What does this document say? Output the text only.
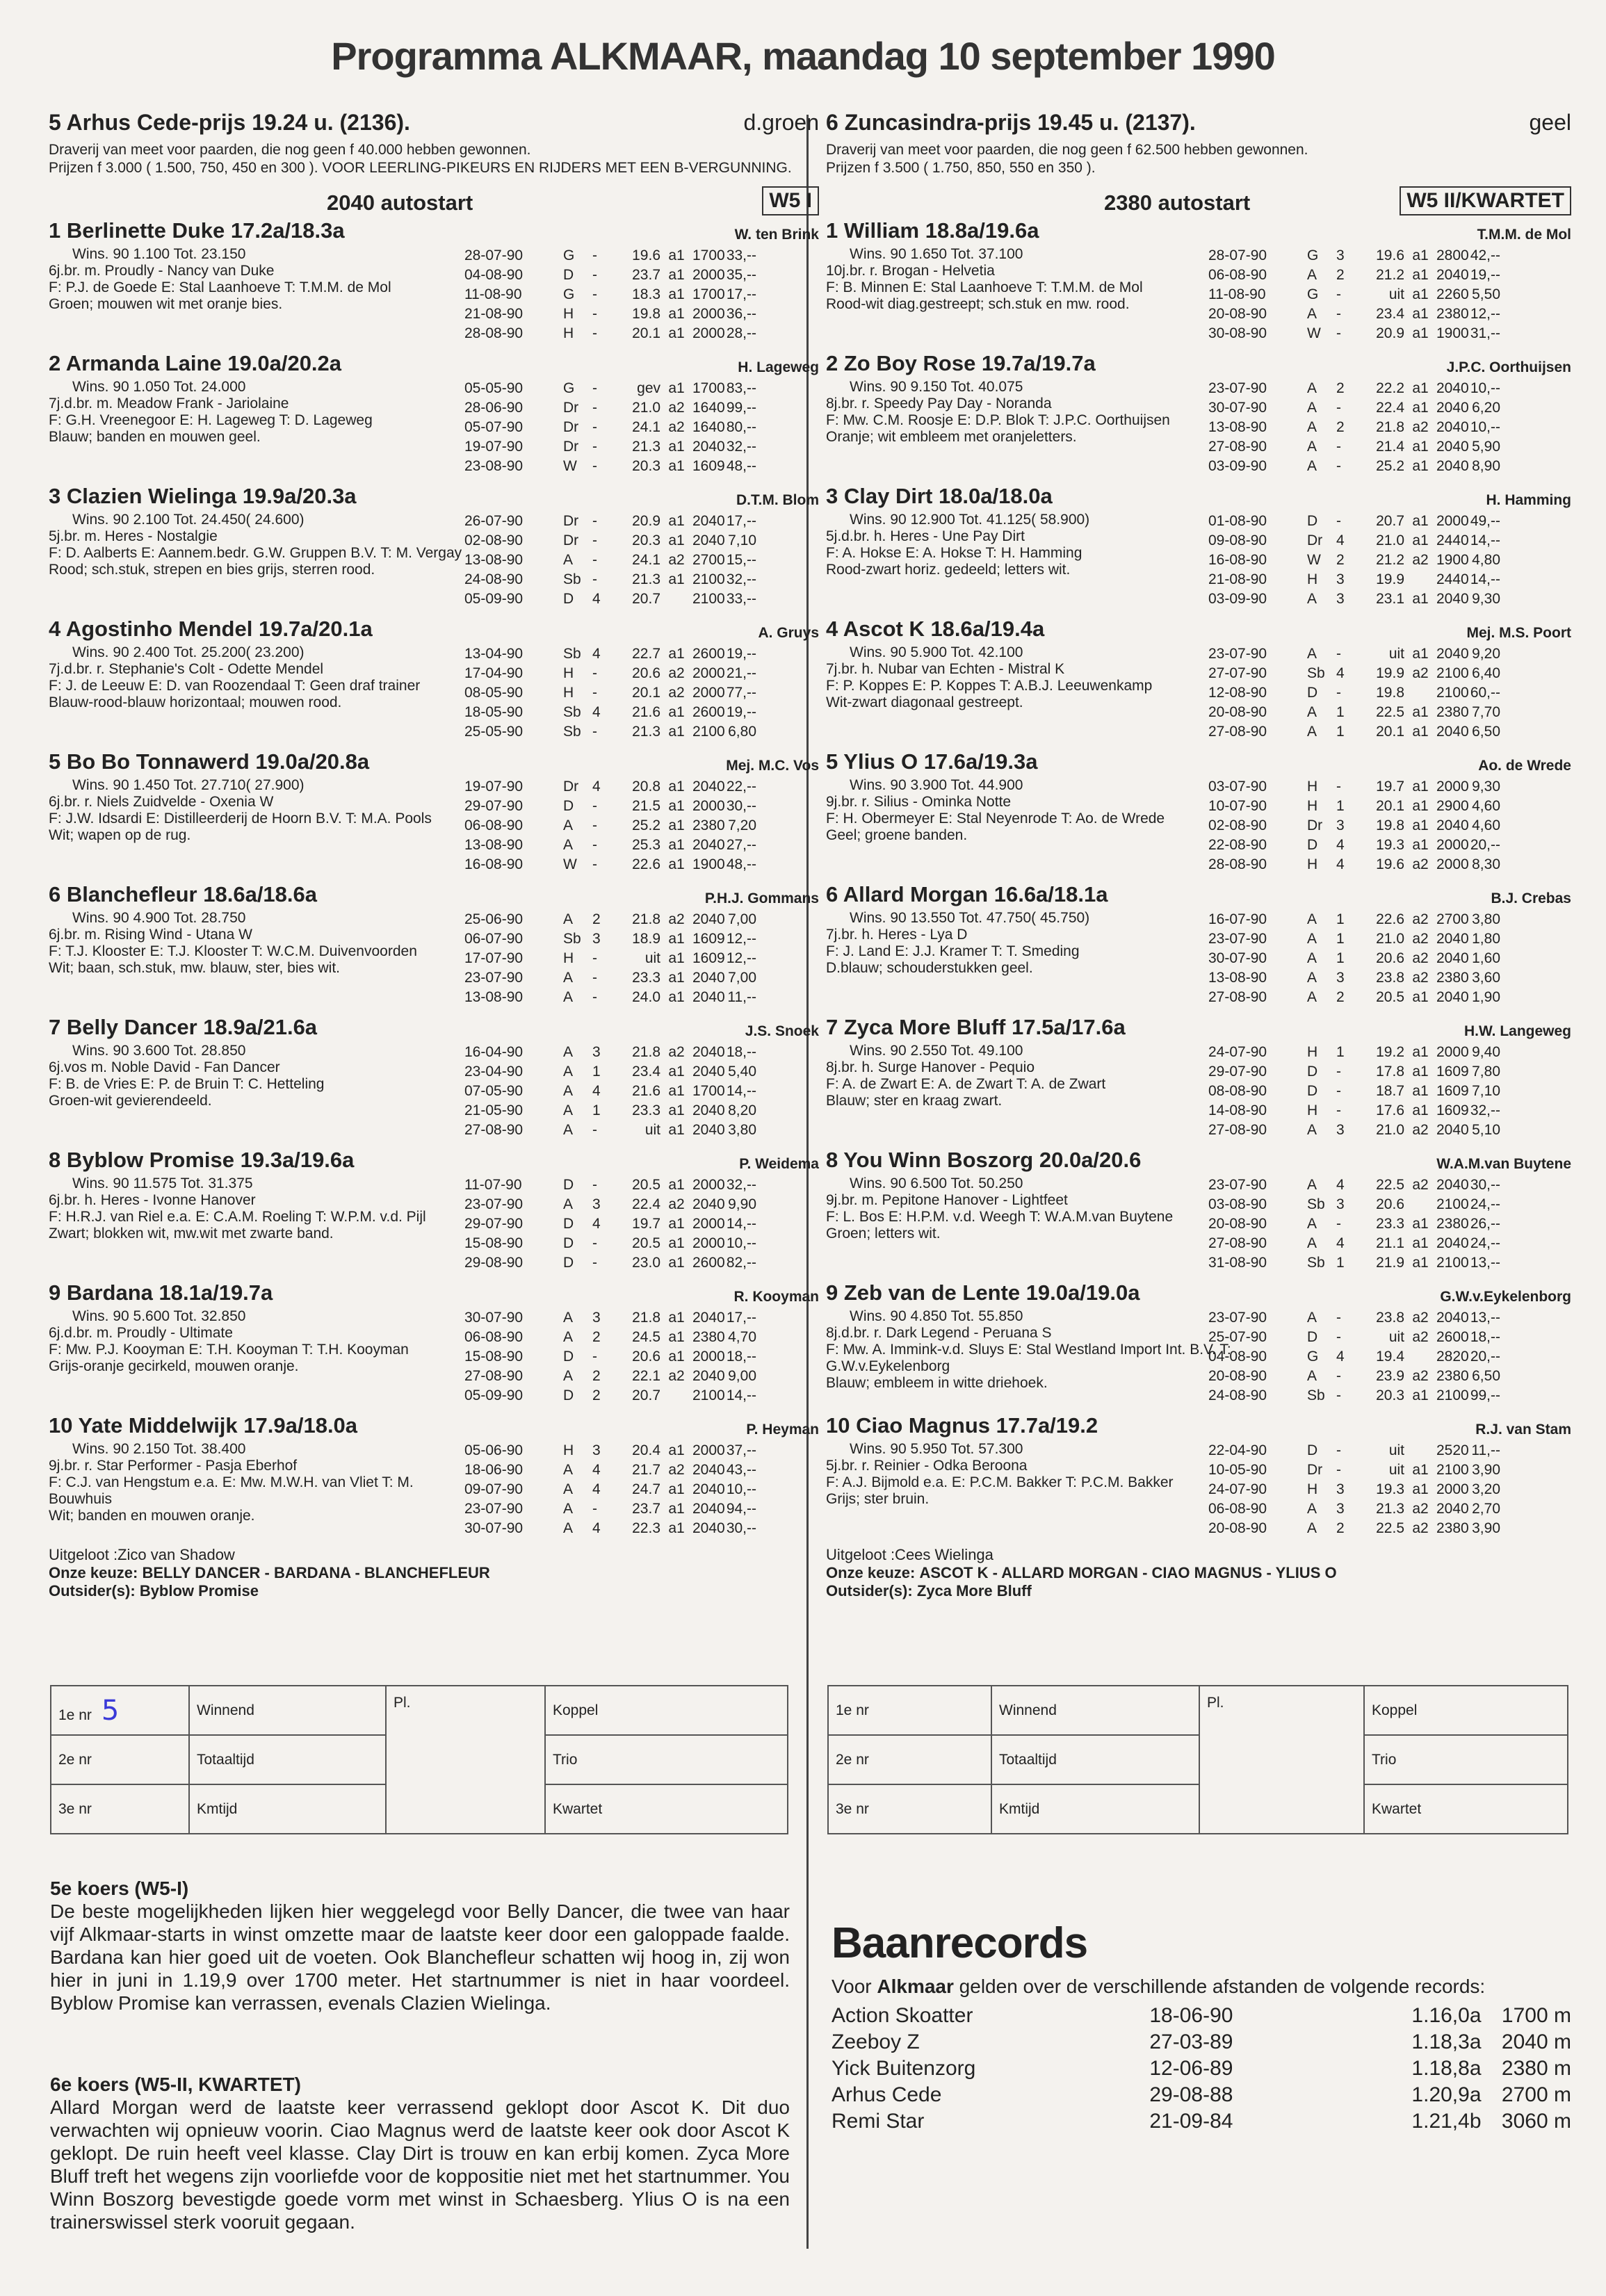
Programma ALKMAAR, maandag 10 september 1990
5 Arhus Cede-prijs 19.24 u. (2136).	d.groen
Draverij van meet voor paarden, die nog geen f 40.000 hebben gewonnen.
Prijzen f 3.000 ( 1.500, 750, 450 en 300 ). VOOR LEERLING-PIKEURS EN RIJDERS MET EEN B-VERGUNNING.
2040 autostart	W5 I
1 Berlinette Duke 17.2a/18.3a	W. ten Brink
Wins. 90 1.100 Tot. 23.150
6j.br. m. Proudly - Nancy van Duke
F: P.J. de Goede E: Stal Laanhoeve T: T.M.M. de Mol
Groen; mouwen wit met oranje bies.
28-07-90	G	-	19.6 a1 1700 33,--
04-08-90	D	-	23.7 a1 2000 35,--
11-08-90	G	-	18.3 a1 1700 17,--
21-08-90	H	-	19.8 a1 2000 36,--
28-08-90	H	-	20.1 a1 2000 28,--
2 Armanda Laine 19.0a/20.2a	H. Lageweg
Wins. 90 1.050 Tot. 24.000
7j.d.br. m. Meadow Frank - Jariolaine
F: G.H. Vreenegoor E: H. Lageweg T: D. Lageweg
Blauw; banden en mouwen geel.
05-05-90	G	-	gev a1 1700 83,--
28-06-90	Dr -	21.0 a2 1640 99,--
05-07-90	Dr -	24.1 a2 1640 80,--
19-07-90	Dr -	21.3 a1 2040 32,--
23-08-90	W	-	20.3 a1 1609 48,--
3 Clazien Wielinga 19.9a/20.3a	D.T.M. Blom
Wins. 90 2.100 Tot. 24.450( 24.600)
5j.br. m. Heres - Nostalgie
F: D. Aalberts E: Aannem.bedr. G.W. Gruppen B.V. T: M. Vergay
Rood; sch.stuk, strepen en bies grijs, sterren rood.
26-07-90	Dr -	20.9 a1 2040 17,--
02-08-90	Dr -	20.3 a1 2040 7,10
13-08-90	A	-	24.1 a2 2700 15,--
24-08-90	Sb -	21.3 a1 2100 32,--
05-09-90	D	4	20.7 2100 33,--
4 Agostinho Mendel 19.7a/20.1a	A. Gruys
Wins. 90 2.400 Tot. 25.200( 23.200)
7j.d.br. r. Stephanie's Colt - Odette Mendel
F: J. de Leeuw E: D. van Roozendaal T: Geen draf trainer
Blauw-rood-blauw horizontaal; mouwen rood.
13-04-90	Sb 4	22.7 a1 2600 19,--
17-04-90	H	-	20.6 a2 2000 21,--
08-05-90	H	-	20.1 a2 2000 77,--
18-05-90	Sb 4	21.6 a1 2600 19,--
25-05-90	Sb -	21.3 a1 2100 6,80
5 Bo Bo Tonnawerd 19.0a/20.8a	Mej. M.C. Vos
Wins. 90 1.450 Tot. 27.710( 27.900)
6j.br. r. Niels Zuidvelde - Oxenia W
F: J.W. Idsardi E: Distilleerderij de Hoorn B.V. T: M.A. Pools
Wit; wapen op de rug.
19-07-90	Dr 4	20.8 a1 2040 22,--
29-07-90	D	-	21.5 a1 2000 30,--
06-08-90	A	-	25.2 a1 2380 7,20
13-08-90	A	-	25.3 a1 2040 27,--
16-08-90	W	-	22.6 a1 1900 48,--
6 Blanchefleur 18.6a/18.6a	P.H.J. Gommans
Wins. 90 4.900 Tot. 28.750
6j.br. m. Rising Wind - Utana W
F: T.J. Klooster E: T.J. Klooster T: W.C.M. Duivenvoorden
Wit; baan, sch.stuk, mw. blauw, ster, bies wit.
25-06-90	A	2	21.8 a2 2040 7,00
06-07-90	Sb 3	18.9 a1 1609 12,--
17-07-90	H	-	uit a1 1609 12,--
23-07-90	A	-	23.3 a1 2040 7,00
13-08-90	A	-	24.0 a1 2040 11,--
7 Belly Dancer 18.9a/21.6a	J.S. Snoek
Wins. 90 3.600 Tot. 28.850
6j.vos m. Noble David - Fan Dancer
F: B. de Vries E: P. de Bruin T: C. Hetteling
Groen-wit gevierendeeld.
16-04-90	A	3	21.8 a2 2040 18,--
23-04-90	A	1	23.4 a1 2040 5,40
07-05-90	A	4	21.6 a1 1700 14,--
21-05-90	A	1	23.3 a1 2040 8,20
27-08-90	A	-	uit a1 2040 3,80
8 Byblow Promise 19.3a/19.6a	P. Weidema
Wins. 90 11.575 Tot. 31.375
6j.br. h. Heres - Ivonne Hanover
F: H.R.J. van Riel e.a. E: C.A.M. Roeling T: W.P.M. v.d. Pijl
Zwart; blokken wit, mw.wit met zwarte band.
11-07-90	D	-	20.5 a1 2000 32,--
23-07-90	A	3	22.4 a2 2040 9,90
29-07-90	D	4	19.7 a1 2000 14,--
15-08-90	D	-	20.5 a1 2000 10,--
29-08-90	D	-	23.0 a1 2600 82,--
9 Bardana 18.1a/19.7a	R. Kooyman
Wins. 90 5.600 Tot. 32.850
6j.d.br. m. Proudly - Ultimate
F: Mw. P.J. Kooyman E: T.H. Kooyman T: T.H. Kooyman
Grijs-oranje gecirkeld, mouwen oranje.
30-07-90	A	3	21.8 a1 2040 17,--
06-08-90	A	2	24.5 a1 2380 4,70
15-08-90	D	-	20.6 a1 2000 18,--
27-08-90	A	2	22.1 a2 2040 9,00
05-09-90	D	2	20.7 2100 14,--
10 Yate Middelwijk 17.9a/18.0a	P. Heyman
Wins. 90 2.150 Tot. 38.400
9j.br. r. Star Performer - Pasja Eberhof
F: C.J. van Hengstum e.a. E: Mw. M.W.H. van Vliet T: M. Bouwhuis
Wit; banden en mouwen oranje.
05-06-90	H	3	20.4 a1 2000 37,--
18-06-90	A	4	21.7 a2 2040 43,--
09-07-90	A	4	24.7 a1 2040 10,--
23-07-90	A	-	23.7 a1 2040 94,--
30-07-90	A	4	22.3 a1 2040 30,--
Uitgeloot :Zico van Shadow
Onze keuze: BELLY DANCER - BARDANA - BLANCHEFLEUR
Outsider(s): Byblow Promise
6 Zuncasindra-prijs 19.45 u. (2137).	geel
Draverij van meet voor paarden, die nog geen f 62.500 hebben gewonnen.
Prijzen f 3.500 ( 1.750, 850, 550 en 350 ).
2380 autostart	W5 II/KWARTET
1 William 18.8a/19.6a	T.M.M. de Mol
Wins. 90 1.650 Tot. 37.100
10j.br. r. Brogan - Helvetia
F: B. Minnen E: Stal Laanhoeve T: T.M.M. de Mol
Rood-wit diag.gestreept; sch.stuk en mw. rood.
28-07-90	G	3	19.6 a1 2800 42,--
06-08-90	A	2	21.2 a1 2040 19,--
11-08-90	G	-	uit a1 2260 5,50
20-08-90	A	-	23.4 a1 2380 12,--
30-08-90	W	-	20.9 a1 1900 31,--
2 Zo Boy Rose 19.7a/19.7a	J.P.C. Oorthuijsen
Wins. 90 9.150 Tot. 40.075
8j.br. r. Speedy Pay Day - Noranda
F: Mw. C.M. Roosje E: D.P. Blok T: J.P.C. Oorthuijsen
Oranje; wit embleem met oranjeletters.
23-07-90	A	2	22.2 a1 2040 10,--
30-07-90	A	-	22.4 a1 2040 6,20
13-08-90	A	2	21.8 a2 2040 10,--
27-08-90	A	-	21.4 a1 2040 5,90
03-09-90	A	-	25.2 a1 2040 8,90
3 Clay Dirt 18.0a/18.0a	H. Hamming
Wins. 90 12.900 Tot. 41.125( 58.900)
5j.d.br. h. Heres - Une Pay Dirt
F: A. Hokse E: A. Hokse T: H. Hamming
Rood-zwart horiz. gedeeld; letters wit.
01-08-90	D	-	20.7 a1 2000 49,--
09-08-90	Dr 4	21.0 a1 2440 14,--
16-08-90	W	2	21.2 a2 1900 4,80
21-08-90	H	3	19.9 2440 14,--
03-09-90	A	3	23.1 a1 2040 9,30
4 Ascot K 18.6a/19.4a	Mej. M.S. Poort
Wins. 90 5.900 Tot. 42.100
7j.br. h. Nubar van Echten - Mistral K
F: P. Koppes E: P. Koppes T: A.B.J. Leeuwenkamp
Wit-zwart diagonaal gestreept.
23-07-90	A	-	uit a1 2040 9,20
27-07-90	Sb 4	19.9 a2 2100 6,40
12-08-90	D	-	19.8 2100 60,--
20-08-90	A	1	22.5 a1 2380 7,70
27-08-90	A	1	20.1 a1 2040 6,50
5 Ylius O 17.6a/19.3a	Ao. de Wrede
Wins. 90 3.900 Tot. 44.900
9j.br. r. Silius - Ominka Notte
F: H. Obermeyer E: Stal Neyenrode T: Ao. de Wrede
Geel; groene banden.
03-07-90	H	-	19.7 a1 2000 9,30
10-07-90	H	1	20.1 a1 2900 4,60
02-08-90	Dr 3	19.8 a1 2040 4,60
22-08-90	D	4	19.3 a1 2000 20,--
28-08-90	H	4	19.6 a2 2000 8,30
6 Allard Morgan 16.6a/18.1a	B.J. Crebas
Wins. 90 13.550 Tot. 47.750( 45.750)
7j.br. h. Heres - Lya D
F: J. Land E: J.J. Kramer T: T. Smeding
D.blauw; schouderstukken geel.
16-07-90	A	1	22.6 a2 2700 3,80
23-07-90	A	1	21.0 a2 2040 1,80
30-07-90	A	1	20.6 a2 2040 1,60
13-08-90	A	3	23.8 a2 2380 3,60
27-08-90	A	2	20.5 a1 2040 1,90
7 Zyca More Bluff 17.5a/17.6a	H.W. Langeweg
Wins. 90 2.550 Tot. 49.100
8j.br. h. Surge Hanover - Pequio
F: A. de Zwart E: A. de Zwart T: A. de Zwart
Blauw; ster en kraag zwart.
24-07-90	H	1	19.2 a1 2000 9,40
29-07-90	D	-	17.8 a1 1609 7,80
08-08-90	D	-	18.7 a1 1609 7,10
14-08-90	H	-	17.6 a1 1609 32,--
27-08-90	A	3	21.0 a2 2040 5,10
8 You Winn Boszorg 20.0a/20.6	W.A.M.van Buytene
Wins. 90 6.500 Tot. 50.250
9j.br. m. Pepitone Hanover - Lightfeet
F: L. Bos E: H.P.M. v.d. Weegh T: W.A.M.van Buytene
Groen; letters wit.
23-07-90	A	4	22.5 a2 2040 30,--
03-08-90	Sb 3	20.6 2100 24,--
20-08-90	A	-	23.3 a1 2380 26,--
27-08-90	A	4	21.1 a1 2040 24,--
31-08-90	Sb 1	21.9 a1 2100 13,--
9 Zeb van de Lente 19.0a/19.0a	G.W.v.Eykelenborg
Wins. 90 4.850 Tot. 55.850
8j.d.br. r. Dark Legend - Peruana S
F: Mw. A. Immink-v.d. Sluys E: Stal Westland Import Int. B.V. T: G.W.v.Eykelenborg
Blauw; embleem in witte driehoek.
23-07-90	A	-	23.8 a2 2040 13,--
25-07-90	D	-	uit a2 2600 18,--
04-08-90	G	4	19.4 2820 20,--
20-08-90	A	-	23.9 a2 2380 6,50
24-08-90	Sb -	20.3 a1 2100 99,--
10 Ciao Magnus 17.7a/19.2	R.J. van Stam
Wins. 90 5.950 Tot. 57.300
5j.br. r. Reinier - Odka Beroona
F: A.J. Bijmold e.a. E: P.C.M. Bakker T: P.C.M. Bakker
Grijs; ster bruin.
22-04-90	D	-	uit 2520 11,--
10-05-90	Dr -	uit a1 2100 3,90
24-07-90	H	3	19.3 a1 2000 3,20
06-08-90	A	3	21.3 a2 2040 2,70
20-08-90	A	2	22.5 a2 2380 3,90
Uitgeloot :Cees Wielinga
Onze keuze: ASCOT K - ALLARD MORGAN - CIAO MAGNUS - YLIUS O
Outsider(s): Zyca More Bluff
1e nr 5	Winnend	Pl.	Koppel
2e nr	Totaaltijd		Trio
3e nr	Kmtijd		Kwartet
1e nr	Winnend	Pl.	Koppel
2e nr	Totaaltijd		Trio
3e nr	Kmtijd		Kwartet
5e koers (W5-I)

De beste mogelijkheden lijken hier weggelegd voor Belly Dancer, die twee van haar vijf Alkmaar-starts in winst omzette maar de laatste keer door een galoppade faalde. Bardana kan hier goed uit de voeten. Ook Blanchefleur schatten wij hoog in, zij won hier in juni in 1.19,9 over 1700 meter. Het startnummer is niet in haar voordeel. Byblow Promise kan verrassen, evenals Clazien Wielinga.

6e koers (W5-II, KWARTET)

Allard Morgan werd de laatste keer verrassend geklopt door Ascot K. Dit duo verwachten wij opnieuw voorin. Ciao Magnus werd de laatste keer ook door Ascot K geklopt. De ruin heeft veel klasse. Clay Dirt is trouw en kan erbij komen. Zyca More Bluff treft het wegens zijn voorliefde voor de koppositie niet met het startnummer. You Winn Boszorg bevestigde goede vorm met winst in Schaesberg. Ylius O is na een trainerswissel sterk vooruit gegaan.

Baanrecords
Voor Alkmaar gelden over de verschillende afstanden de volgende records:
Action Skoatter	18-06-90	1.16,0a	1700 m
Zeeboy Z	27-03-89	1.18,3a	2040 m
Yick Buitenzorg	12-06-89	1.18,8a	2380 m
Arhus Cede	29-08-88	1.20,9a	2700 m
Remi Star	21-09-84	1.21,4b	3060 m
